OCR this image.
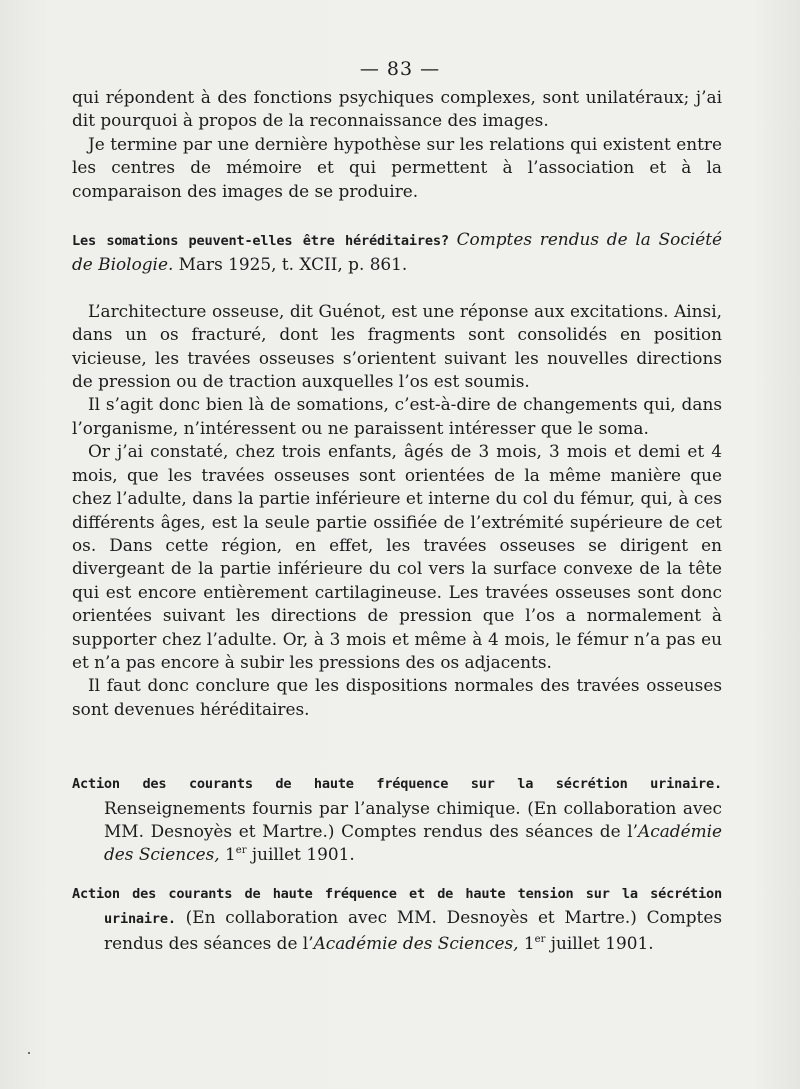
— 83 —

qui répondent à des fonctions psychiques complexes, sont unilatéraux; j’ai dit pourquoi à propos de la reconnaissance des images.

Je termine par une dernière hypothèse sur les relations qui existent entre les centres de mémoire et qui permettent à l’association et à la comparaison des images de se produire.

Les somations peuvent-elles être héréditaires? Comptes rendus de la Société de Biologie. Mars 1925, t. XCII, p. 861.

L’architecture osseuse, dit Guénot, est une réponse aux excitations. Ainsi, dans un os fracturé, dont les fragments sont consolidés en position vicieuse, les travées osseuses s’orientent suivant les nouvelles directions de pression ou de traction auxquelles l’os est soumis.

Il s’agit donc bien là de somations, c’est-à-dire de changements qui, dans l’organisme, n’intéressent ou ne paraissent intéresser que le soma.

Or j’ai constaté, chez trois enfants, âgés de 3 mois, 3 mois et demi et 4 mois, que les travées osseuses sont orientées de la même manière que chez l’adulte, dans la partie inférieure et interne du col du fémur, qui, à ces différents âges, est la seule partie ossifiée de l’extrémité supérieure de cet os. Dans cette région, en effet, les travées osseuses se dirigent en divergeant de la partie inférieure du col vers la surface convexe de la tête qui est encore entièrement cartilagineuse. Les travées osseuses sont donc orientées suivant les directions de pression que l’os a normalement à supporter chez l’adulte. Or, à 3 mois et même à 4 mois, le fémur n’a pas eu et n’a pas encore à subir les pressions des os adjacents.

Il faut donc conclure que les dispositions normales des travées osseuses sont devenues héréditaires.

Action des courants de haute fréquence sur la sécrétion urinaire. Renseignements fournis par l’analyse chimique. (En collaboration avec MM. Desnoyès et Martre.) Comptes rendus des séances de l’Académie des Sciences, 1er juillet 1901.

Action des courants de haute fréquence et de haute tension sur la sécrétion urinaire. (En collaboration avec MM. Desnoyès et Martre.) Comptes rendus des séances de l’Académie des Sciences, 1er juillet 1901.
